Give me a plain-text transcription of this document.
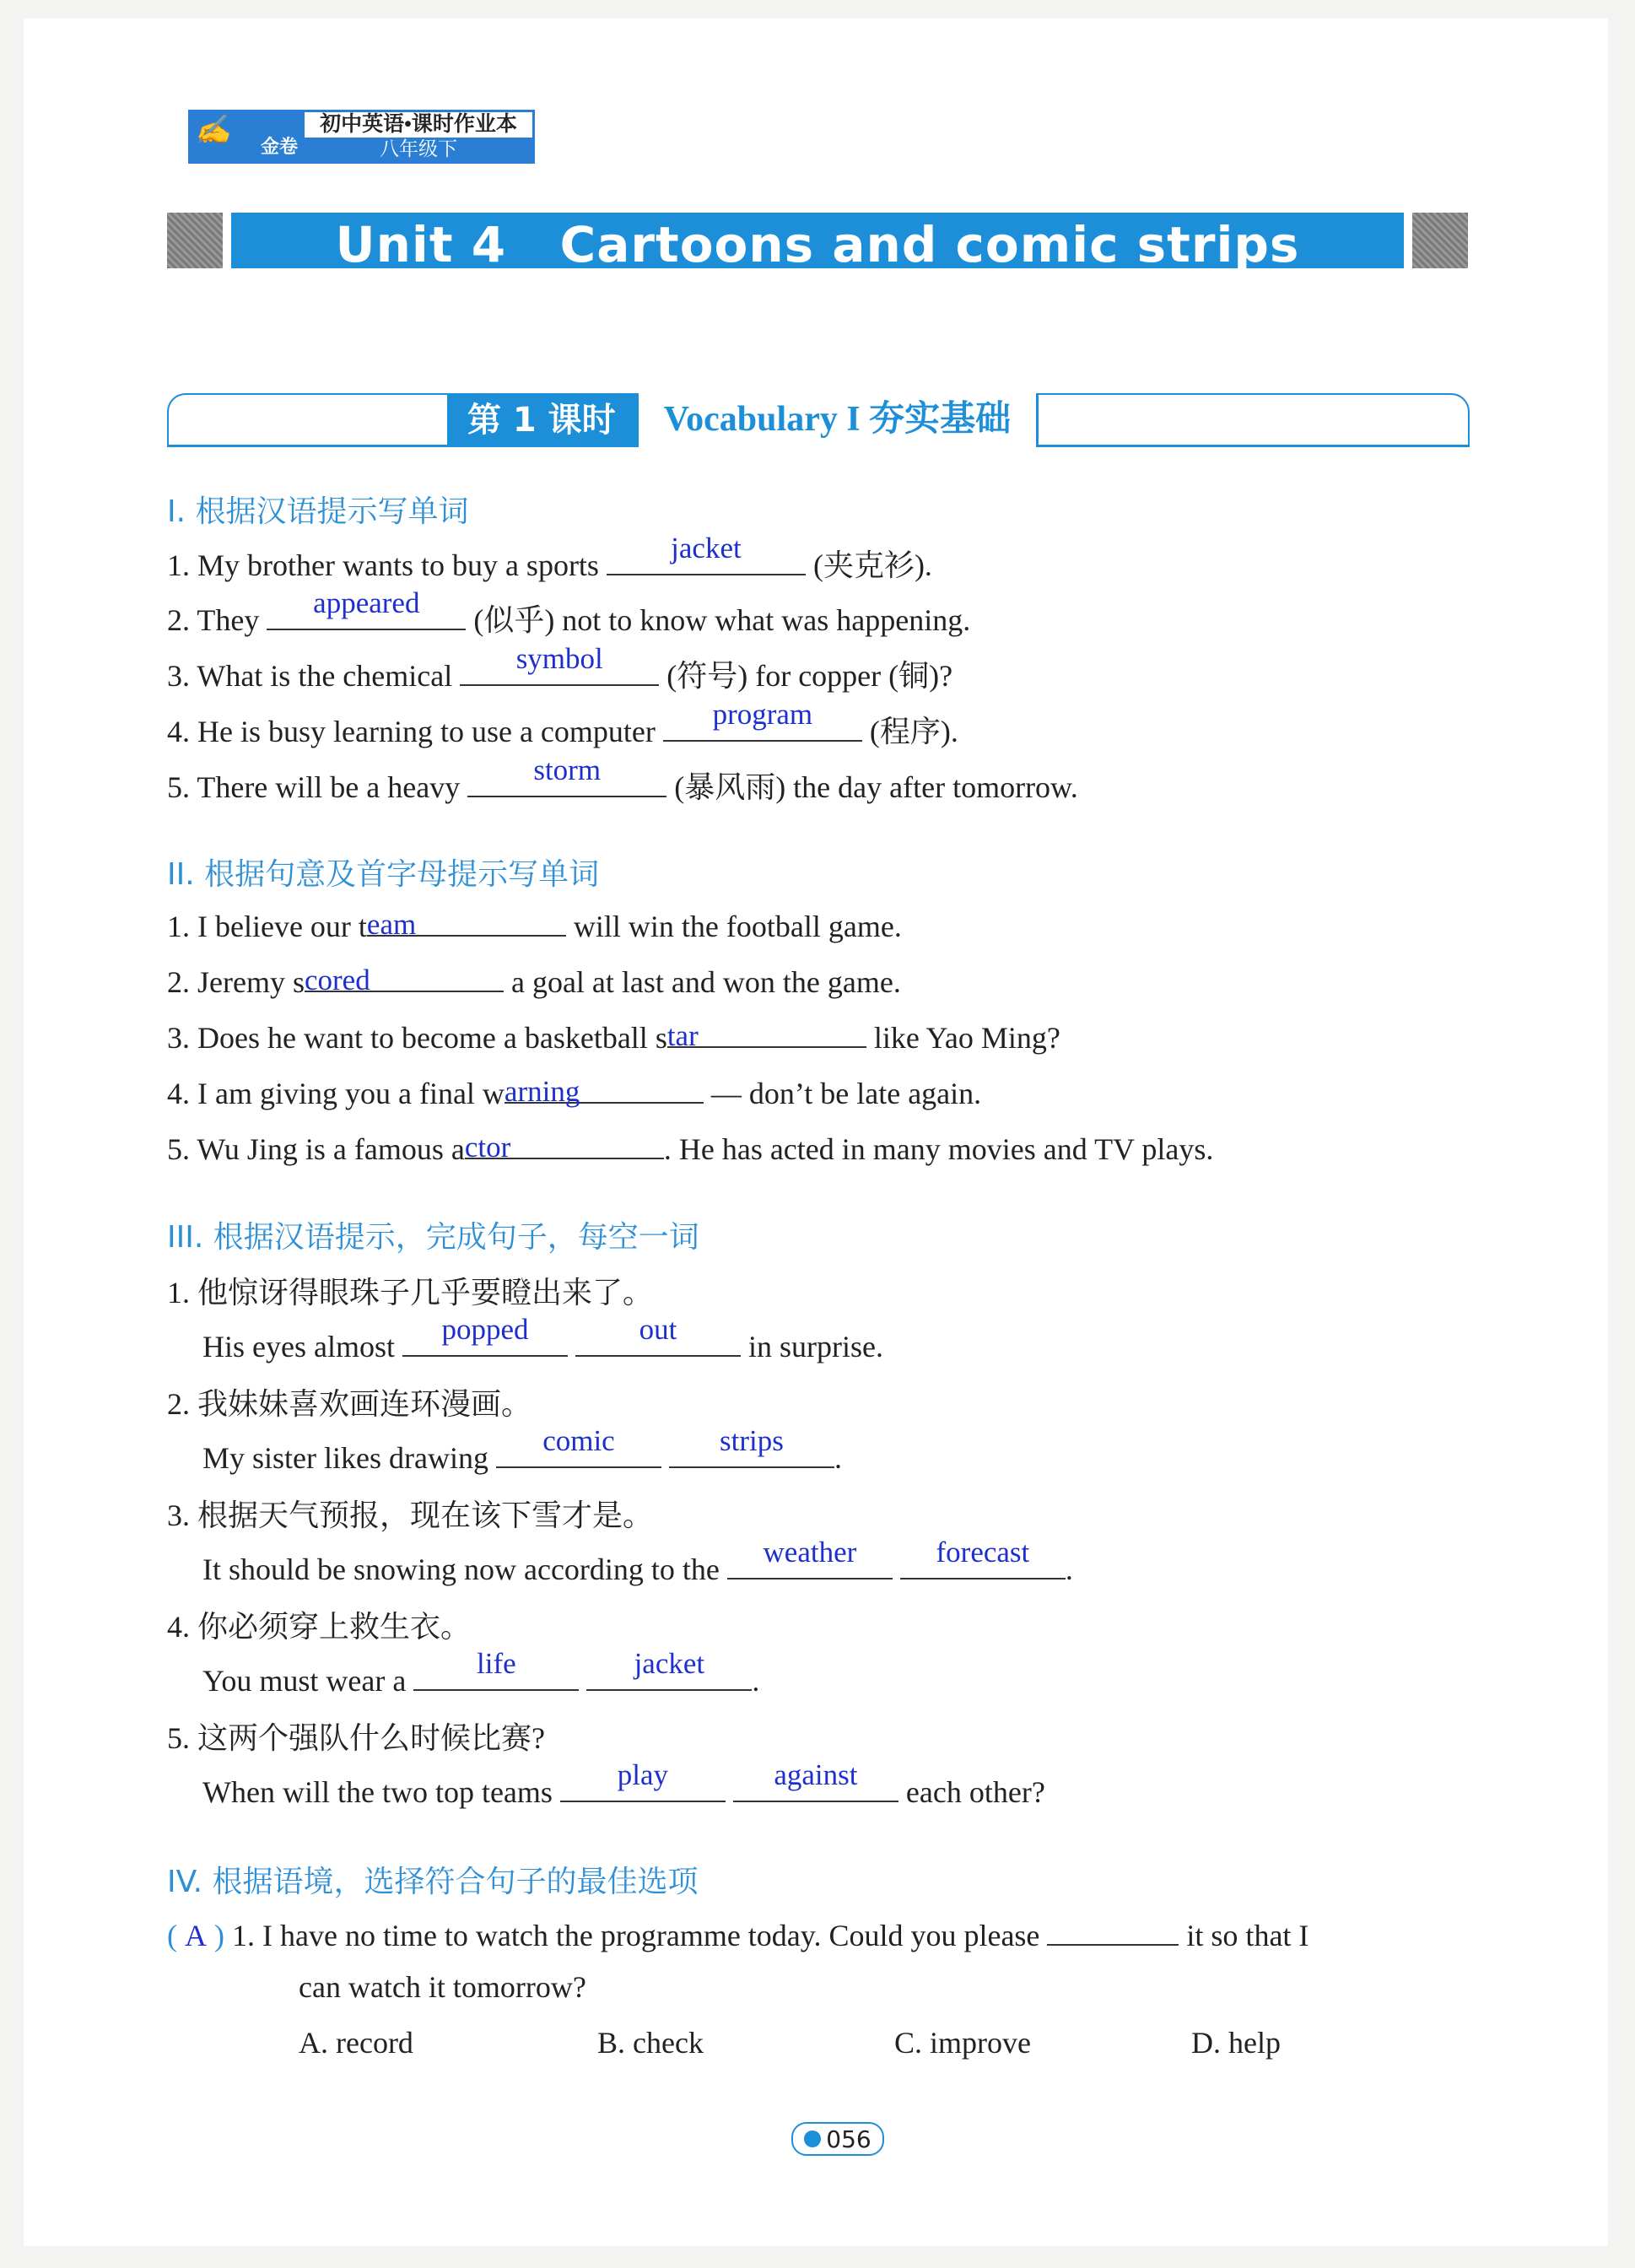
✍
金卷
初中英语•课时作业本
八年级下
Unit 4   Cartoons and comic strips
第 1 课时	Vocabulary I 夯实基础
I. 根据汉语提示写单词
1. My brother wants to buy a sports
jacket
(夹克衫).
2. They
appeared
(似乎) not to know what was happening.
3. What is the chemical
symbol
(符号) for copper (铜)?
4. He is busy learning to use a computer
program
(程序).
5. There will be a heavy
storm
(暴风雨) the day after tomorrow.
II. 根据句意及首字母提示写单词
1. I believe our t eam	will win the football game.
2. Jeremy s cored	a goal at last and won the game.
3. Does he want to become a basketball s tar	like Yao Ming?
4. I am giving you a final w arning	— don’t be late again.
5. Wu Jing is a famous a ctor	. He has acted in many movies and TV plays.
III. 根据汉语提示，完成句子，每空一词
1. 他惊讶得眼珠子几乎要瞪出来了。
His eyes almost
popped
	out
in surprise.
2. 我妹妹喜欢画连环漫画。
My sister likes drawing
comic
	strips
.
3. 根据天气预报，现在该下雪才是。
It should be snowing now according to the
weather
	forecast
.
4. 你必须穿上救生衣。
You must wear a
life
	jacket
.
5. 这两个强队什么时候比赛?
When will the two top teams
play
	against
each other?
IV. 根据语境，选择符合句子的最佳选项
( A ) 1. I have no time to watch the programme today. Could you please	it so that I
can watch it tomorrow?
A. record	B. check	C. improve	D. help
056
